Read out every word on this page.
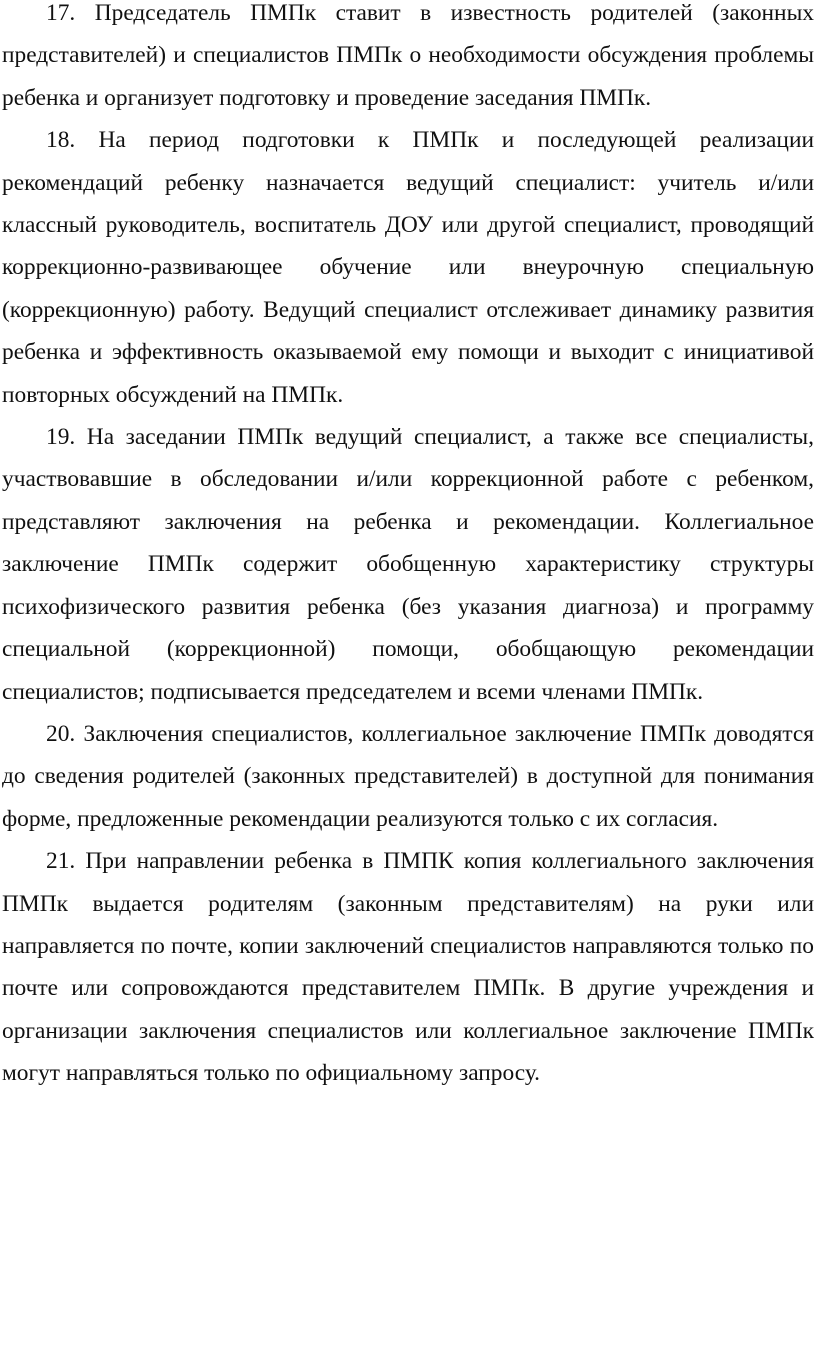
17. Председатель ПМПк ставит в известность родителей (законных представителей) и специалистов ПМПк о необходимости обсуждения проблемы ребенка и организует подготовку и проведение заседания ПМПк.

18. На период подготовки к ПМПк и последующей реализации рекомендаций ребенку назначается ведущий специалист: учитель и/или классный руководитель, воспитатель ДОУ или другой специалист, проводящий коррекционно-развивающее обучение или внеурочную специальную (коррекционную) работу. Ведущий специалист отслеживает динамику развития ребенка и эффективность оказываемой ему помощи и выходит с инициативой повторных обсуждений на ПМПк.

19. На заседании ПМПк ведущий специалист, а также все специалисты, участвовавшие в обследовании и/или коррекционной работе с ребенком, представляют заключения на ребенка и рекомендации. Коллегиальное заключение ПМПк содержит обобщенную характеристику структуры психофизического развития ребенка (без указания диагноза) и программу специальной (коррекционной) помощи, обобщающую рекомендации специалистов; подписывается председателем и всеми членами ПМПк.

20. Заключения специалистов, коллегиальное заключение ПМПк доводятся до сведения родителей (законных представителей) в доступной для понимания форме, предложенные рекомендации реализуются только с их согласия.

21. При направлении ребенка в ПМПК копия коллегиального заключения ПМПк выдается родителям (законным представителям) на руки или направляется по почте, копии заключений специалистов направляются только по почте или сопровождаются представителем ПМПк. В другие учреждения и организации заключения специалистов или коллегиальное заключение ПМПк могут направляться только по официальному запросу.
